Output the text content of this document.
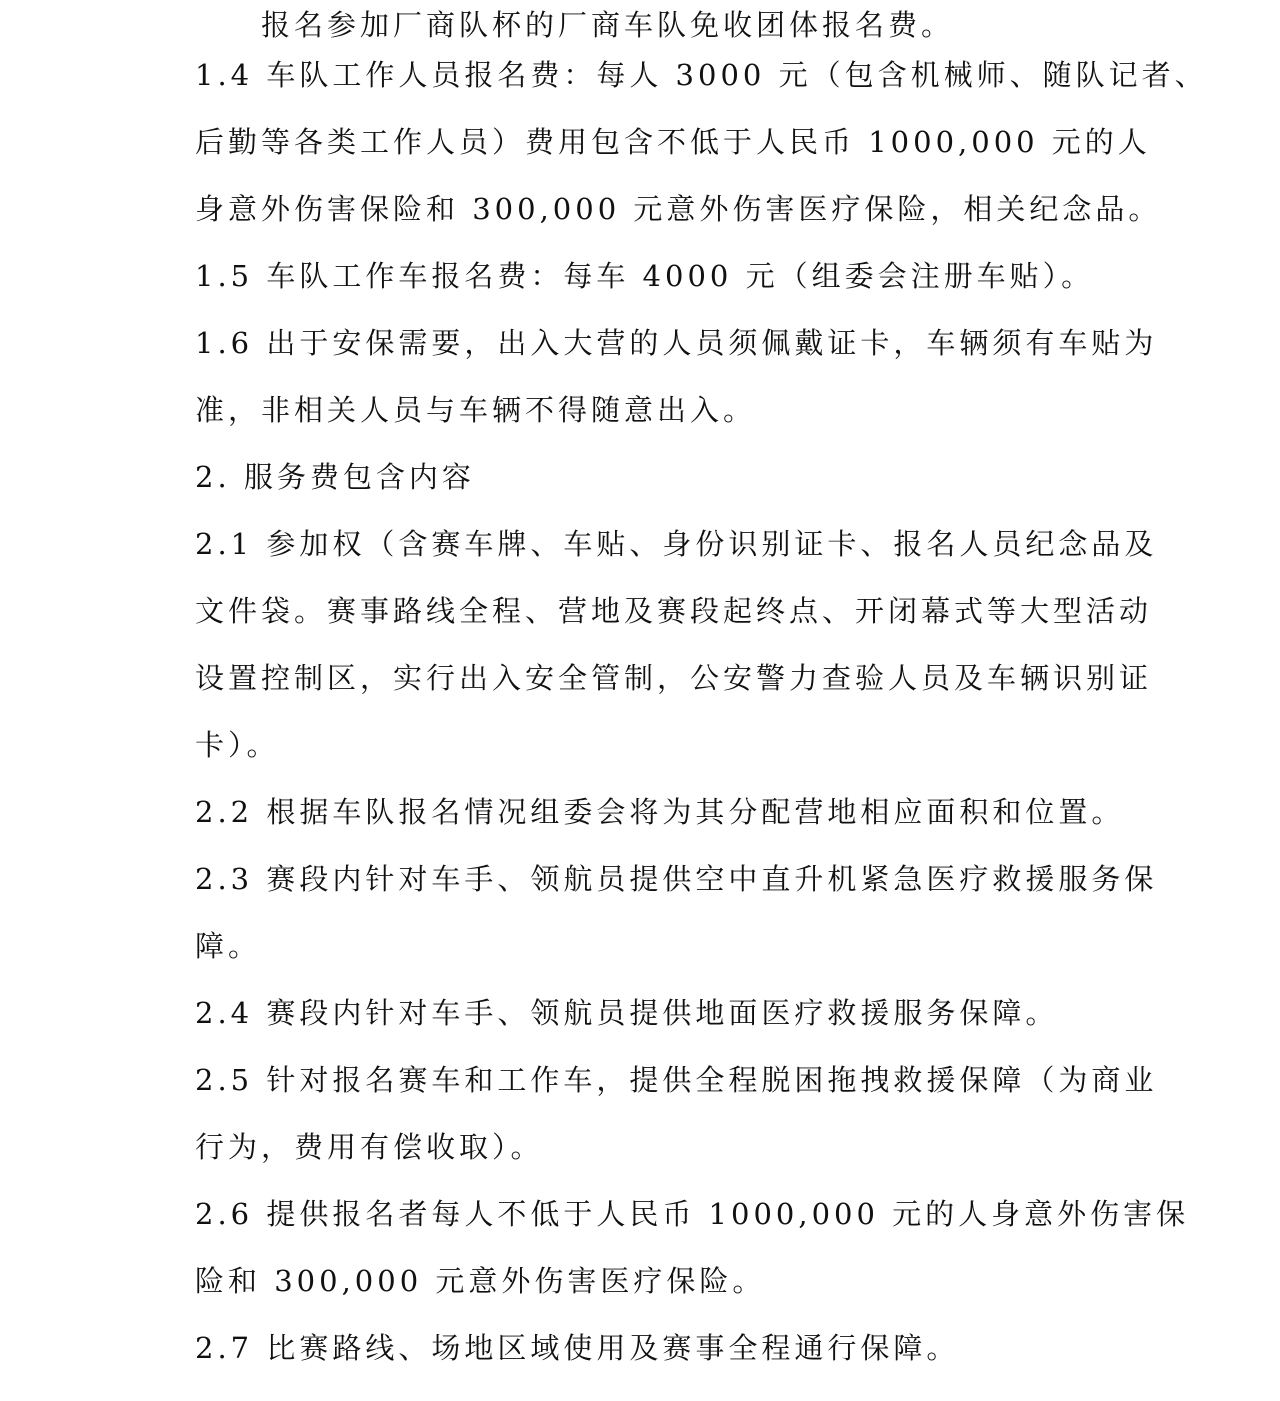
报名参加厂商队杯的厂商车队免收团体报名费。
1.4 车队工作人员报名费：每人 3000 元（包含机械师、随队记者、
后勤等各类工作人员）费用包含不低于人民币 1000,000 元的人
身意外伤害保险和 300,000 元意外伤害医疗保险，相关纪念品。
1.5 车队工作车报名费：每车 4000 元（组委会注册车贴）。
1.6 出于安保需要，出入大营的人员须佩戴证卡，车辆须有车贴为
准，非相关人员与车辆不得随意出入。
2. 服务费包含内容
2.1 参加权（含赛车牌、车贴、身份识别证卡、报名人员纪念品及
文件袋。赛事路线全程、营地及赛段起终点、开闭幕式等大型活动
设置控制区，实行出入安全管制，公安警力查验人员及车辆识别证
卡）。
2.2 根据车队报名情况组委会将为其分配营地相应面积和位置。
2.3 赛段内针对车手、领航员提供空中直升机紧急医疗救援服务保
障。
2.4 赛段内针对车手、领航员提供地面医疗救援服务保障。
2.5 针对报名赛车和工作车，提供全程脱困拖拽救援保障（为商业
行为，费用有偿收取）。
2.6 提供报名者每人不低于人民币 1000,000 元的人身意外伤害保
险和 300,000 元意外伤害医疗保险。
2.7 比赛路线、场地区域使用及赛事全程通行保障。
